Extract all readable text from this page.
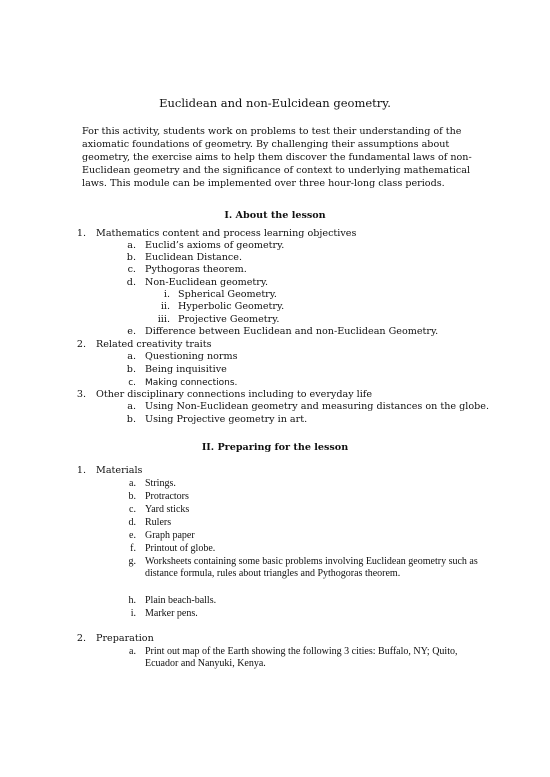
Euclidean and non-Eulcidean geometry.

For this activity, students work on problems to test their understanding of the axiomatic foundations of geometry. By challenging their assumptions about geometry, the exercise aims to help them discover the fundamental laws of non-Euclidean geometry and the significance of context to underlying mathematical laws. This module can be implemented over three hour-long class periods.

I. About the lesson
1. Mathematics content and process learning objectives
a. Euclid’s axioms of geometry.
b. Euclidean Distance.
c. Pythogoras theorem.
d. Non-Euclidean geometry.
i. Spherical Geometry.
ii. Hyperbolic Geometry.
iii. Projective Geometry.
e. Difference between Euclidean and non-Euclidean Geometry.
2. Related creativity traits
a. Questioning norms
b. Being inquisitive
c. Making connections.
3. Other disciplinary connections including to everyday life
a. Using Non-Euclidean geometry and measuring distances on the globe.
b. Using Projective geometry in art.
II. Preparing for the lesson
1. Materials
a. Strings.
b. Protractors
c. Yard sticks
d. Rulers
e. Graph paper
f. Printout of globe.
g. Worksheets containing some basic problems involving Euclidean geometry such as distance formula, rules about triangles and Pythogoras theorem.
h. Plain beach-balls.
i. Marker pens.
2. Preparation
a. Print out map of the Earth showing the following 3 cities: Buffalo, NY; Quito, Ecuador and Nanyuki, Kenya.
